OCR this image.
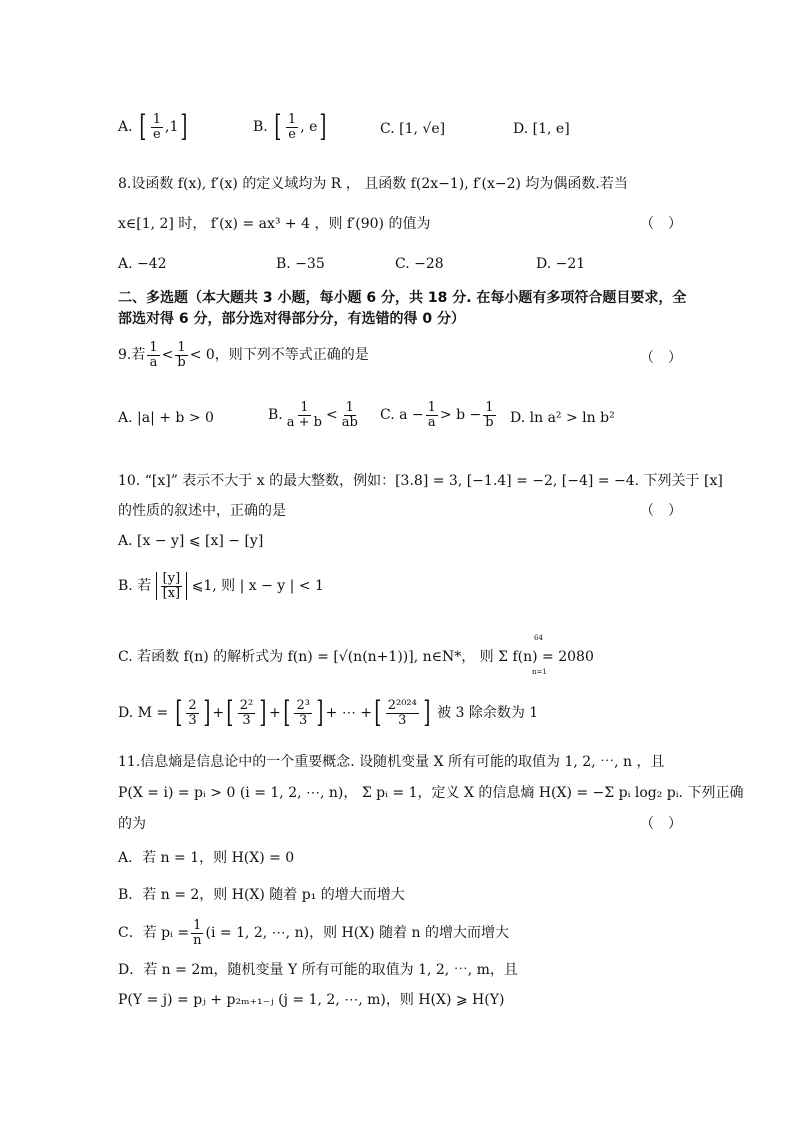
A. [ $\frac{1}{e} ,1$]	B. [ $\frac{1}{e}$ , e]	C. [1, √e]	D. [1, e]
8.设函数 f(x), f′(x) 的定义域均为 R ， 且函数 f(2x−1), f′(x−2) 均为偶函数.若当
x∈[1, 2] 时， f′(x) = ax³ + 4 ，则 f′(90) 的值为	（　）
A. −42	B. −35	C. −28	D. −21
二、多选题（本大题共 3 小题，每小题 6 分，共 18 分. 在每小题有多项符合题目要求，全
部选对得 6 分，部分选对得部分分，有选错的得 0 分）
9.若 $\frac{1}{a} < \frac{1}{b} < 0$，则下列不等式正确的是	（　）
A. |a| + b > 0	B. $\frac{1}{a + b} < \frac{1}{ab} C$. $a - \frac{1}{a} > b - \frac{1}{b} D$. ln a² > ln b²
10. “[x]” 表示不大于 x 的最大整数，例如：[3.8] = 3, [−1.4] = −2, [−4] = −4. 下列关于 [x]
的性质的叙述中，正确的是	（　）
A. [x − y] ⩽ [x] − [y]
B. 若 $\frac{[y]}{[x]}$ ⩽1, 则 | x − y | < 1
C. 若函数 f(n) 的解析式为 f(n) = [√(n(n+1))], n∈N*， 则 Σ f(n) = 2080
64
n=1
D. M = [ $\frac{2}{3}$ ] +[ $\frac{\text{2²}}{3}$ ] +[ $\frac{\text{2³}}{3}$ ] + ⋯ +[ $\frac{\text{2²⁰²⁴}}{3}$ ] 被 3 除余数为 1
11.信息熵是信息论中的一个重要概念. 设随机变量 X 所有可能的取值为 1, 2, ⋯, n ，且
P(X = i) = pᵢ > 0 (i = 1, 2, ⋯, n)， Σ pᵢ = 1，定义 X 的信息熵 H(X) = −Σ pᵢ log₂ pᵢ. 下列正确
的为	（　）
A．若 n = 1，则 H(X) = 0
B．若 n = 2，则 H(X) 随着 p₁ 的增大而增大
C．若 pᵢ = $\frac{1}{n} (i = 1$, 2, ⋯, n)，则 H(X) 随着 n 的增大而增大
D．若 n = 2m，随机变量 Y 所有可能的取值为 1, 2, ⋯, m，且
P(Y = j) = pⱼ + p₂ₘ₊₁₋ⱼ (j = 1, 2, ⋯, m)，则 H(X) ⩾ H(Y)
